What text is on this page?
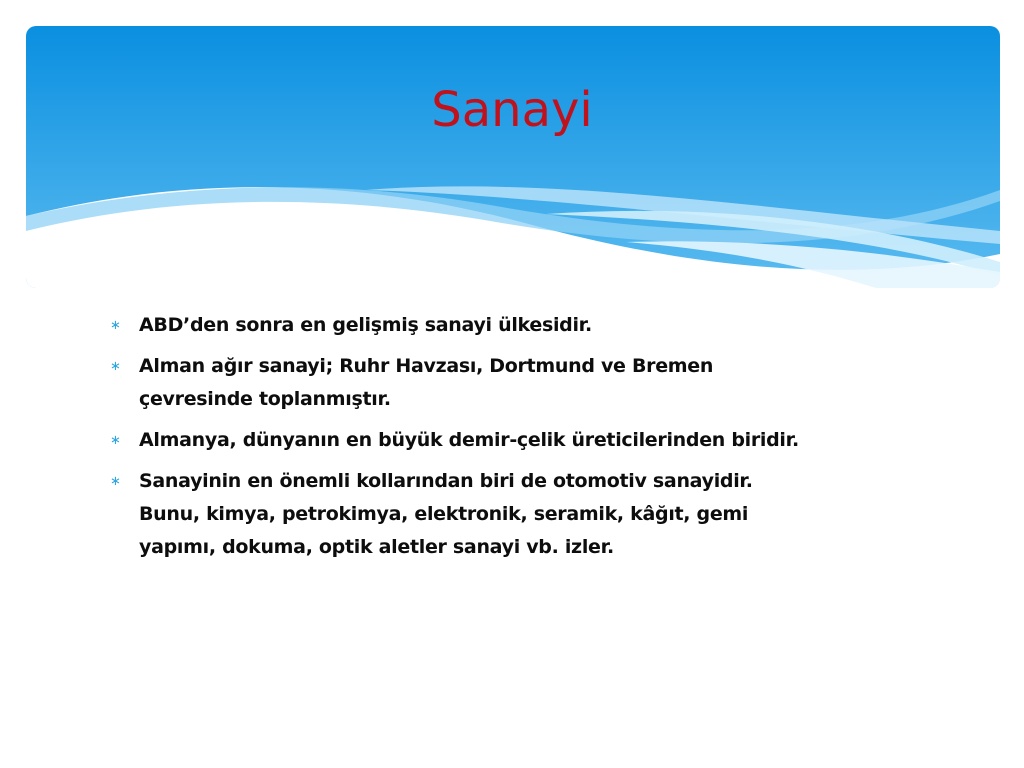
Sanayi
∗ ABD’den sonra en gelişmiş sanayi ülkesidir.
∗ Alman ağır sanayi; Ruhr Havzası, Dortmund ve Bremen
çevresinde toplanmıştır.
∗ Almanya, dünyanın en büyük demir-çelik üreticilerinden biridir.
∗ Sanayinin en önemli kollarından biri de otomotiv sanayidir.
Bunu, kimya, petrokimya, elektronik, seramik, kâğıt, gemi
yapımı, dokuma, optik aletler sanayi vb. izler.
